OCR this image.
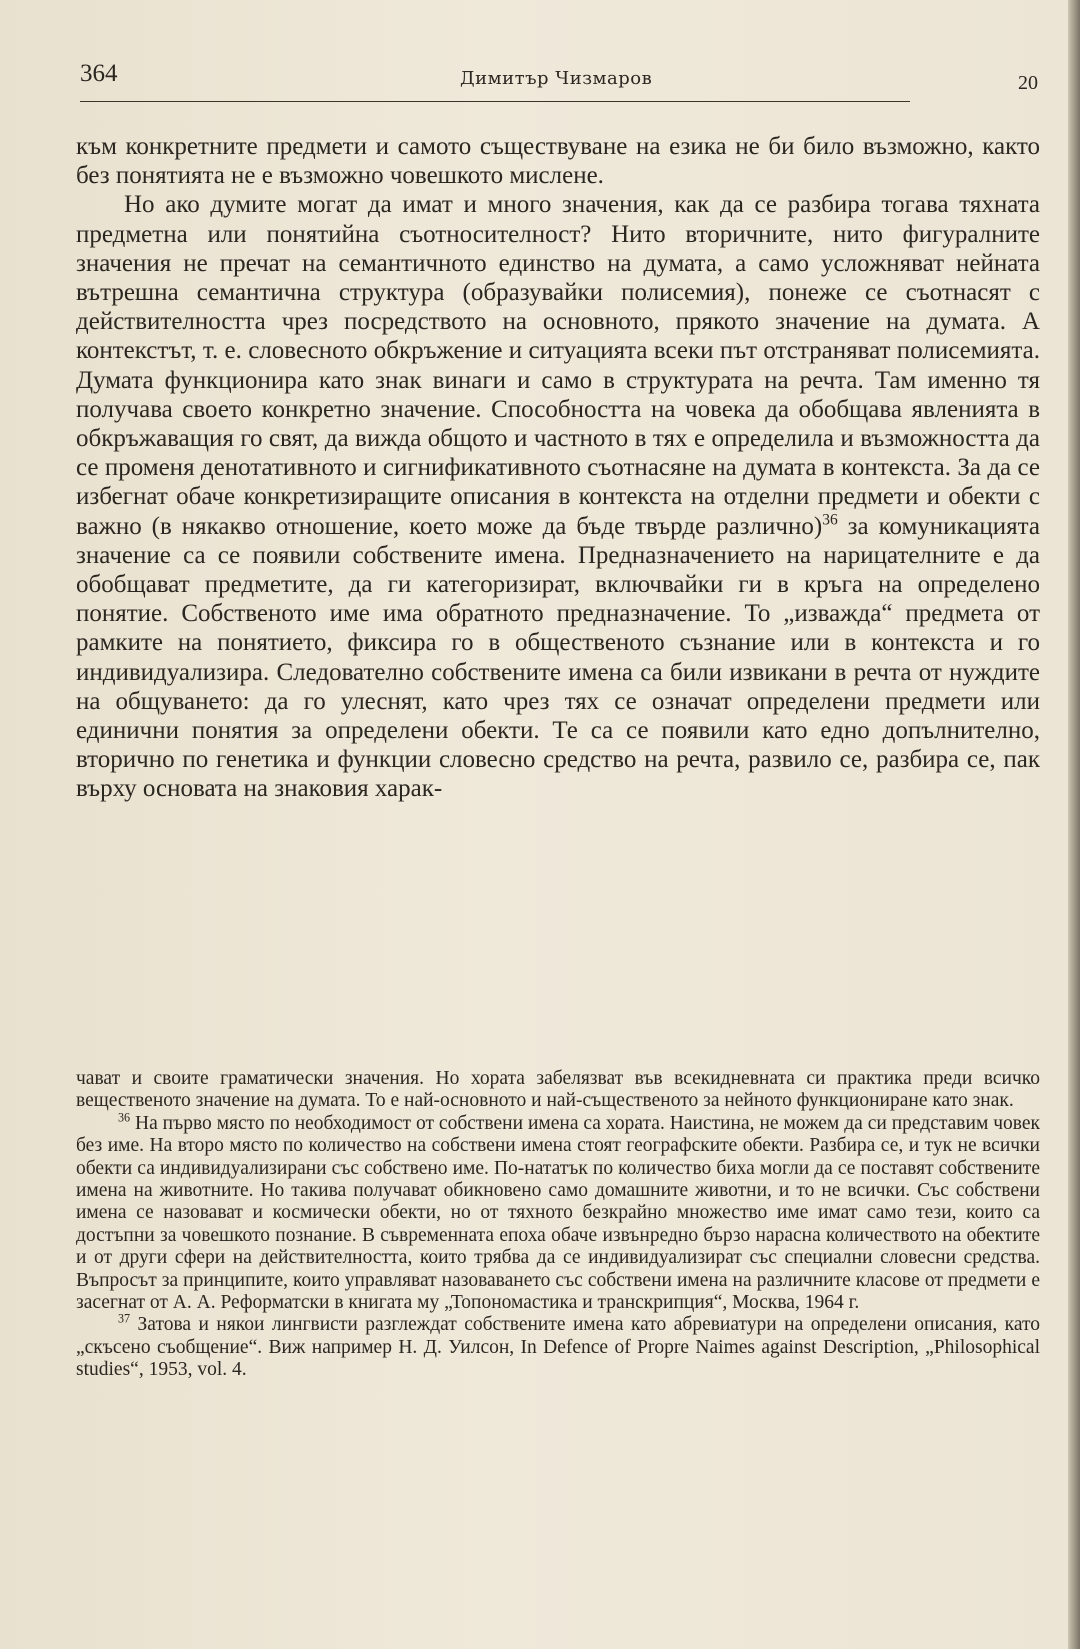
364	Димитър Чизмаров	20

към конкретните предмети и самото съществуване на езика не би било възможно, както без понятията не е възможно човешкото мислене.

Но ако думите могат да имат и много значения, как да се разбира тогава тяхната предметна или понятийна съотносителност? Нито вторичните, нито фигуралните значения не пречат на семантичното единство на думата, а само усложняват нейната вътрешна семантична структура (образувайки полисемия), понеже се съотнасят с действителността чрез посредството на основното, прякото значение на думата. А контекстът, т. е. словесното обкръжение и ситуацията всеки път отстраняват полисемията. Думата функционира като знак винаги и само в структурата на речта. Там именно тя получава своето конкретно значение. Способността на човека да обобщава явленията в обкръжаващия го свят, да вижда общото и частното в тях е определила и възможността да се променя денотативното и сигнификативното съотнасяне на думата в контекста. За да се избегнат обаче конкретизиращите описания в контекста на отделни предмети и обекти с важно (в някакво отношение, което може да бъде твърде различно)$^{36}$ за комуникацията значение са се появили собствените имена. Предназначението на нарицателните е да обобщават предметите, да ги категоризират, включвайки ги в кръга на определено понятие. Собственото име има обратното предназначение. То „изважда“ предмета от рамките на понятието, фиксира го в общественото съзнание или в контекста и го индивидуализира. Следователно собствените имена са били извикани в речта от нуждите на общуването: да го улеснят, като чрез тях се означат определени предмети или единични понятия за определени обекти. Те са се появили като едно допълнително, вторично по генетика и функции словесно средство на речта, развило се, разбира се, пак върху основата на знаковия харак-

чават и своите граматически значения. Но хората забелязват във всекидневната си практика преди всичко вещественото значение на думата. То е най-основното и най-същественото за нейното функциониране като знак.

$^{36}$ На първо място по необходимост от собствени имена са хората. Наистина, не можем да си представим човек без име. На второ място по количество на собствени имена стоят географските обекти. Разбира се, и тук не всички обекти са индивидуализирани със собствено име. По-нататък по количество биха могли да се поставят собствените имена на животните. Но такива получават обикновено само домашните животни, и то не всички. Със собствени имена се назовават и космически обекти, но от тяхното безкрайно множество име имат само тези, които са достъпни за човешкото познание. В съвременната епоха обаче извънредно бързо нарасна количеството на обектите и от други сфери на действителността, които трябва да се индивидуализират със специални словесни средства. Въпросът за принципите, които управляват назоваването със собствени имена на различните класове от предмети е засегнат от А. А. Реформатски в книгата му „Топономастика и транскрипция“, Москва, 1964 г.

$^{37}$ Затова и някои лингвисти разглеждат собствените имена като абревиатури на определени описания, като „скъсено съобщение“. Виж например Н. Д. Уилсон, In Defence of Propre Naimes against Description, „Philosophical studies“, 1953, vol. 4.
